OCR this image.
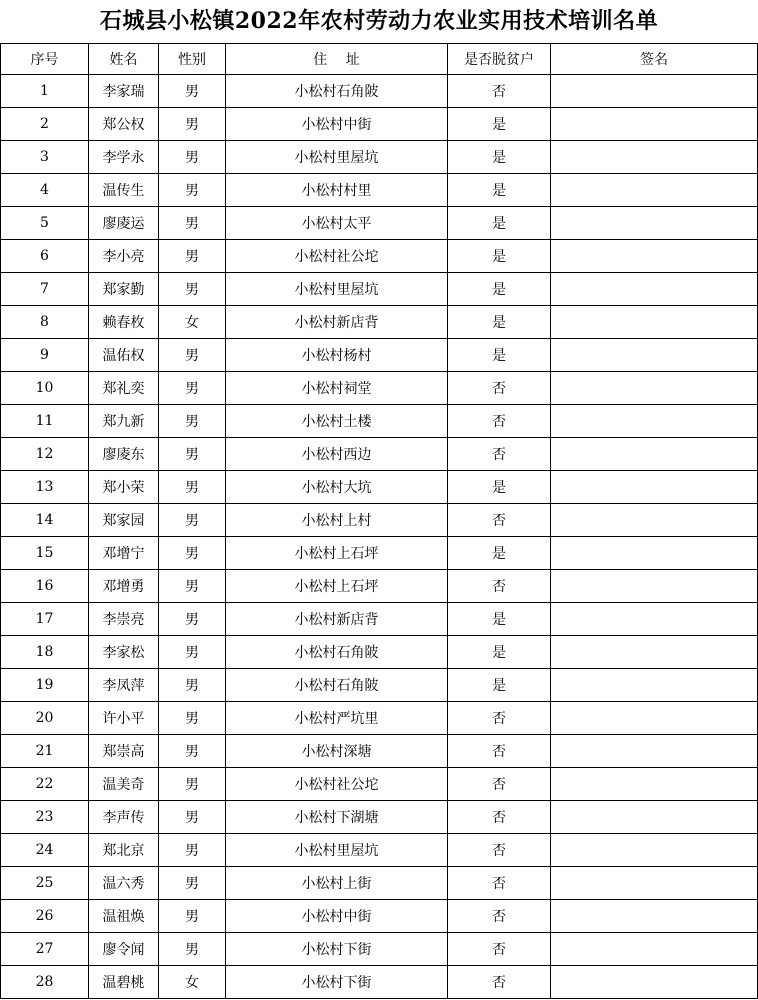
石城县小松镇2022年农村劳动力农业实用技术培训名单
序号	姓名	性别	住 址	是否脱贫户	签名
1	李家瑞	男	小松村石角陂	否	
2	郑公权	男	小松村中街	是	
3	李学永	男	小松村里屋坑	是	
4	温传生	男	小松村村里	是	
5	廖庱运	男	小松村太平	是	
6	李小亮	男	小松村社公坨	是	
7	郑家勤	男	小松村里屋坑	是	
8	赖春枚	女	小松村新店背	是	
9	温佑权	男	小松村杨村	是	
10	郑礼奕	男	小松村祠堂	否	
11	郑九新	男	小松村土楼	否	
12	廖庱东	男	小松村西边	否	
13	郑小荣	男	小松村大坑	是	
14	郑家园	男	小松村上村	否	
15	邓增宁	男	小松村上石坪	是	
16	邓增勇	男	小松村上石坪	否	
17	李崇亮	男	小松村新店背	是	
18	李家松	男	小松村石角陂	是	
19	李凤萍	男	小松村石角陂	是	
20	许小平	男	小松村严坑里	否	
21	郑崇高	男	小松村深塘	否	
22	温美奇	男	小松村社公坨	否	
23	李声传	男	小松村下湖塘	否	
24	郑北京	男	小松村里屋坑	否	
25	温六秀	男	小松村上街	否	
26	温祖焕	男	小松村中街	否	
27	廖令闻	男	小松村下街	否	
28	温碧桃	女	小松村下街	否	
